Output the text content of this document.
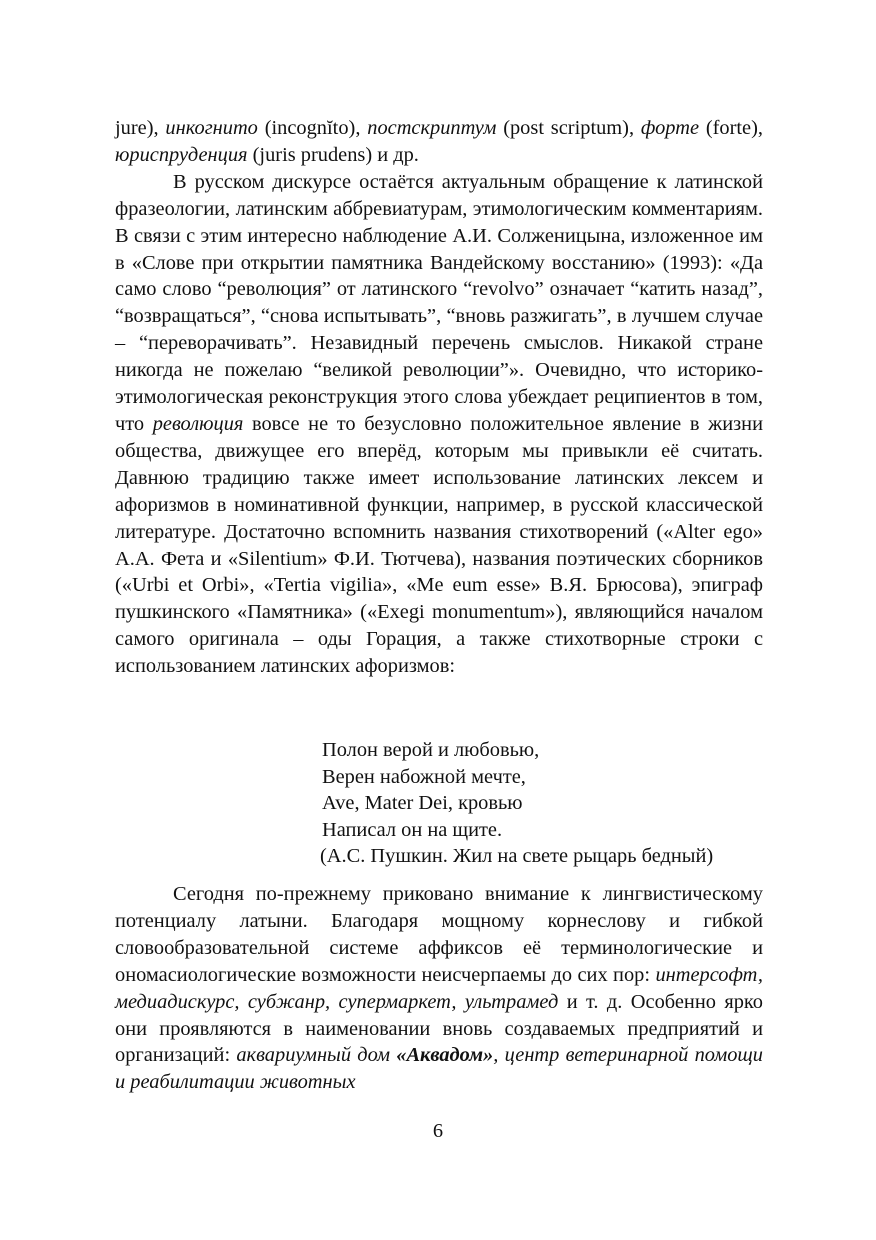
jure), инкогнито (incognĭto), постскриптум (post scriptum), форте (forte), юриспруденция (juris prudens) и др.

В русском дискурсе остаётся актуальным обращение к латинской фразеологии, латинским аббревиатурам, этимологическим комментариям. В связи с этим интересно наблюдение А.И. Солженицына, изложенное им в «Слове при открытии памятника Вандейскому восстанию» (1993): «Да само слово “революция” от латинского “revolvo” означает “катить назад”, “возвращаться”, “снова испытывать”, “вновь разжигать”, в лучшем случае – “переворачивать”. Незавидный перечень смыслов. Никакой стране никогда не пожелаю “великой революции”». Очевидно, что историко-этимологическая реконструкция этого слова убеждает реципиентов в том, что революция вовсе не то безусловно положительное явление в жизни общества, движущее его вперёд, которым мы привыкли её считать. Давнюю традицию также имеет использование латинских лексем и афоризмов в номинативной функции, например, в русской классической литературе. Достаточно вспомнить названия стихотворений («Alter ego» А.А. Фета и «Silentium» Ф.И. Тютчева), названия поэтических сборников («Urbi et Orbi», «Tertia vigilia», «Me eum esse» В.Я. Брюсова), эпиграф пушкинского «Памятника» («Exegi monumentum»), являющийся началом самого оригинала – оды Горация, а также стихотворные строки с использованием латинских афоризмов:

Полон верой и любовью,
Верен набожной мечте,
Ave, Mater Dei, кровью
Написал он на щите.
(А.С. Пушкин. Жил на свете рыцарь бедный)

Сегодня по-прежнему приковано внимание к лингвистическому потенциалу латыни. Благодаря мощному корнеслову и гибкой словообразовательной системе аффиксов её терминологические и ономасиологические возможности неисчерпаемы до сих пор: интерсофт, медиадискурс, субжанр, супермаркет, ультрамед и т. д. Особенно ярко они проявляются в наименовании вновь создаваемых предприятий и организаций: аквариумный дом «Аквадом», центр ветеринарной помощи и реабилитации животных

6
